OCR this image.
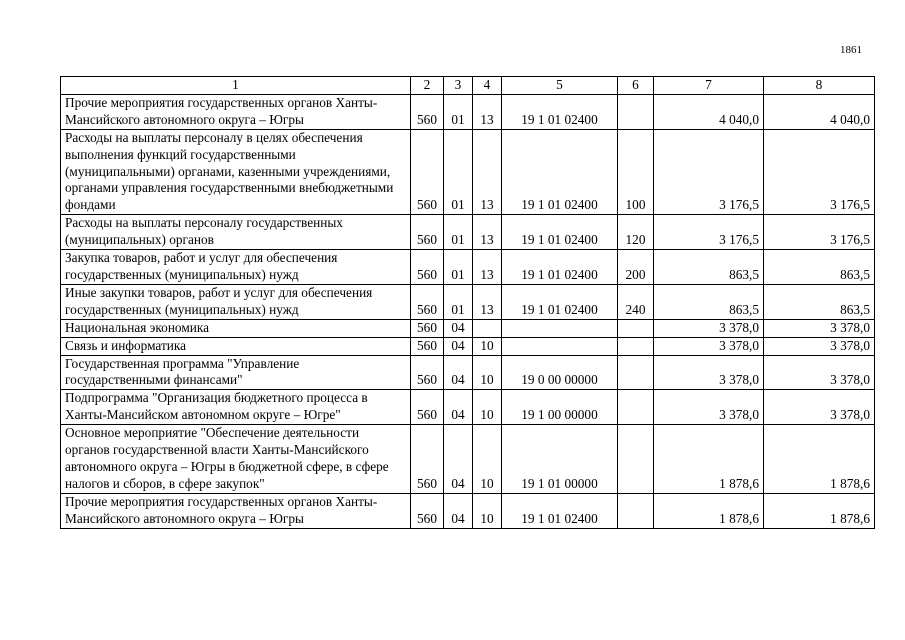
1861
1	2	3	4	5	6	7	8
Прочие мероприятия государственных органов Ханты-Мансийского автономного округа – Югры	560	01	13	19 1 01 02400		4 040,0	4 040,0
Расходы на выплаты персоналу в целях обеспечения выполнения функций государственными (муниципальными) органами, казенными учреждениями, органами управления государственными внебюджетными фондами	560	01	13	19 1 01 02400	100	3 176,5	3 176,5
Расходы на выплаты персоналу государственных (муниципальных) органов	560	01	13	19 1 01 02400	120	3 176,5	3 176,5
Закупка товаров, работ и услуг для обеспечения государственных (муниципальных) нужд	560	01	13	19 1 01 02400	200	863,5	863,5
Иные закупки товаров, работ и услуг для обеспечения государственных (муниципальных) нужд	560	01	13	19 1 01 02400	240	863,5	863,5
Национальная экономика	560	04				3 378,0	3 378,0
Связь и информатика	560	04	10			3 378,0	3 378,0
Государственная программа "Управление государственными финансами"	560	04	10	19 0 00 00000		3 378,0	3 378,0
Подпрограмма "Организация бюджетного процесса в Ханты-Мансийском автономном округе – Югре"	560	04	10	19 1 00 00000		3 378,0	3 378,0
Основное мероприятие "Обеспечение деятельности органов государственной власти Ханты-Мансийского автономного округа – Югры в бюджетной сфере, в сфере налогов и сборов, в сфере закупок"	560	04	10	19 1 01 00000		1 878,6	1 878,6
Прочие мероприятия государственных органов Ханты-Мансийского автономного округа – Югры	560	04	10	19 1 01 02400		1 878,6	1 878,6
